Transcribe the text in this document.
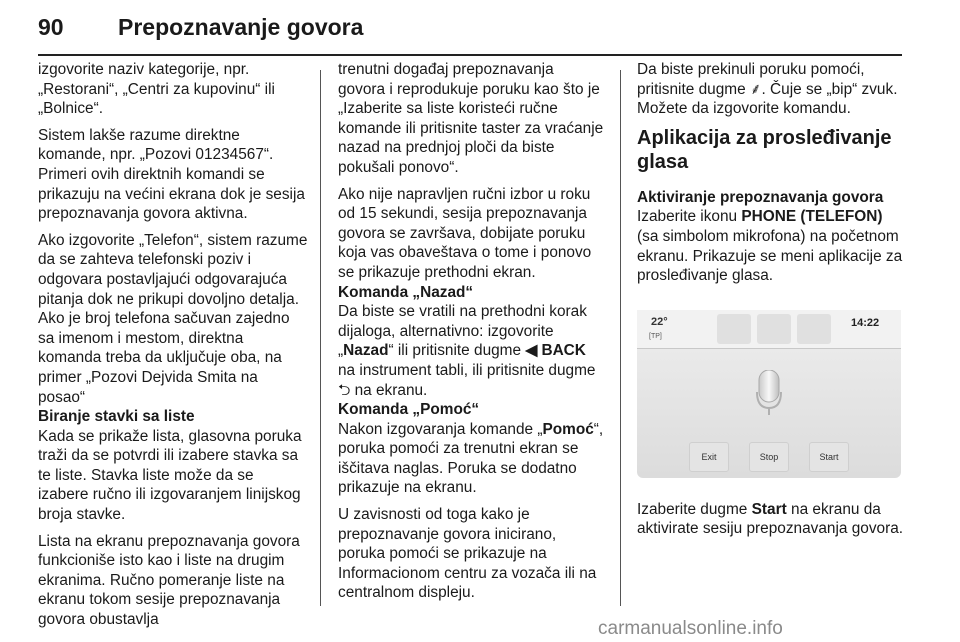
90 Prepoznavanje govora

izgovorite naziv kategorije, npr. „Restorani“, „Centri za kupovinu“ ili „Bolnice“.

Sistem lakše razume direktne komande, npr. „Pozovi 01234567“. Primeri ovih direktnih komandi se prikazuju na većini ekrana dok je sesija prepoznavanja govora aktivna.

Ako izgovorite „Telefon“, sistem razume da se zahteva telefonski poziv i odgovara postavljajući odgovarajuća pitanja dok ne prikupi dovoljno detalja. Ako je broj telefona sačuvan zajedno sa imenom i mestom, direktna komanda treba da uključuje oba, na primer „Pozovi Dejvida Smita na posao“

Biranje stavki sa liste

Kada se prikaže lista, glasovna poruka traži da se potvrdi ili izabere stavka sa te liste. Stavka liste može da se izabere ručno ili izgovaranjem linijskog broja stavke.

Lista na ekranu prepoznavanja govora funkcioniše isto kao i liste na drugim ekranima. Ručno pomeranje liste na ekranu tokom sesije prepoznavanja govora obustavlja

trenutni događaj prepoznavanja govora i reprodukuje poruku kao što je „Izaberite sa liste koristeći ručne komande ili pritisnite taster za vraćanje nazad na prednjoj ploči da biste pokušali ponovo“.

Ako nije napravljen ručni izbor u roku od 15 sekundi, sesija prepoznavanja govora se završava, dobijate poruku koja vas obaveštava o tome i ponovo se prikazuje prethodni ekran.

Komanda „Nazad“

Da biste se vratili na prethodni korak dijaloga, alternativno: izgovorite „Nazad“ ili pritisnite dugme ◀ BACK na instrument tabli, ili pritisnite dugme ⮌ na ekranu.

Komanda „Pomoć“

Nakon izgovaranja komande „Pomoć“, poruka pomoći za trenutni ekran se iščitava naglas. Poruka se dodatno prikazuje na ekranu.

U zavisnosti od toga kako je prepoznavanje govora inicirano, poruka pomoći se prikazuje na Informacionom centru za vozača ili na centralnom displeju.

Da biste prekinuli poruku pomoći, pritisnite dugme ⸙. Čuje se „bip“ zvuk. Možete da izgovorite komandu.

Aplikacija za prosleđivanje glasa
Aktiviranje prepoznavanja govora

Izaberite ikonu PHONE (TELEFON) (sa simbolom mikrofona) na početnom ekranu. Prikazuje se meni aplikacije za prosleđivanje glasa.

22°
[TP]
14:22
Exit	Stop	Start

Izaberite dugme Start na ekranu da aktivirate sesiju prepoznavanja govora.

carmanualsonline.info
